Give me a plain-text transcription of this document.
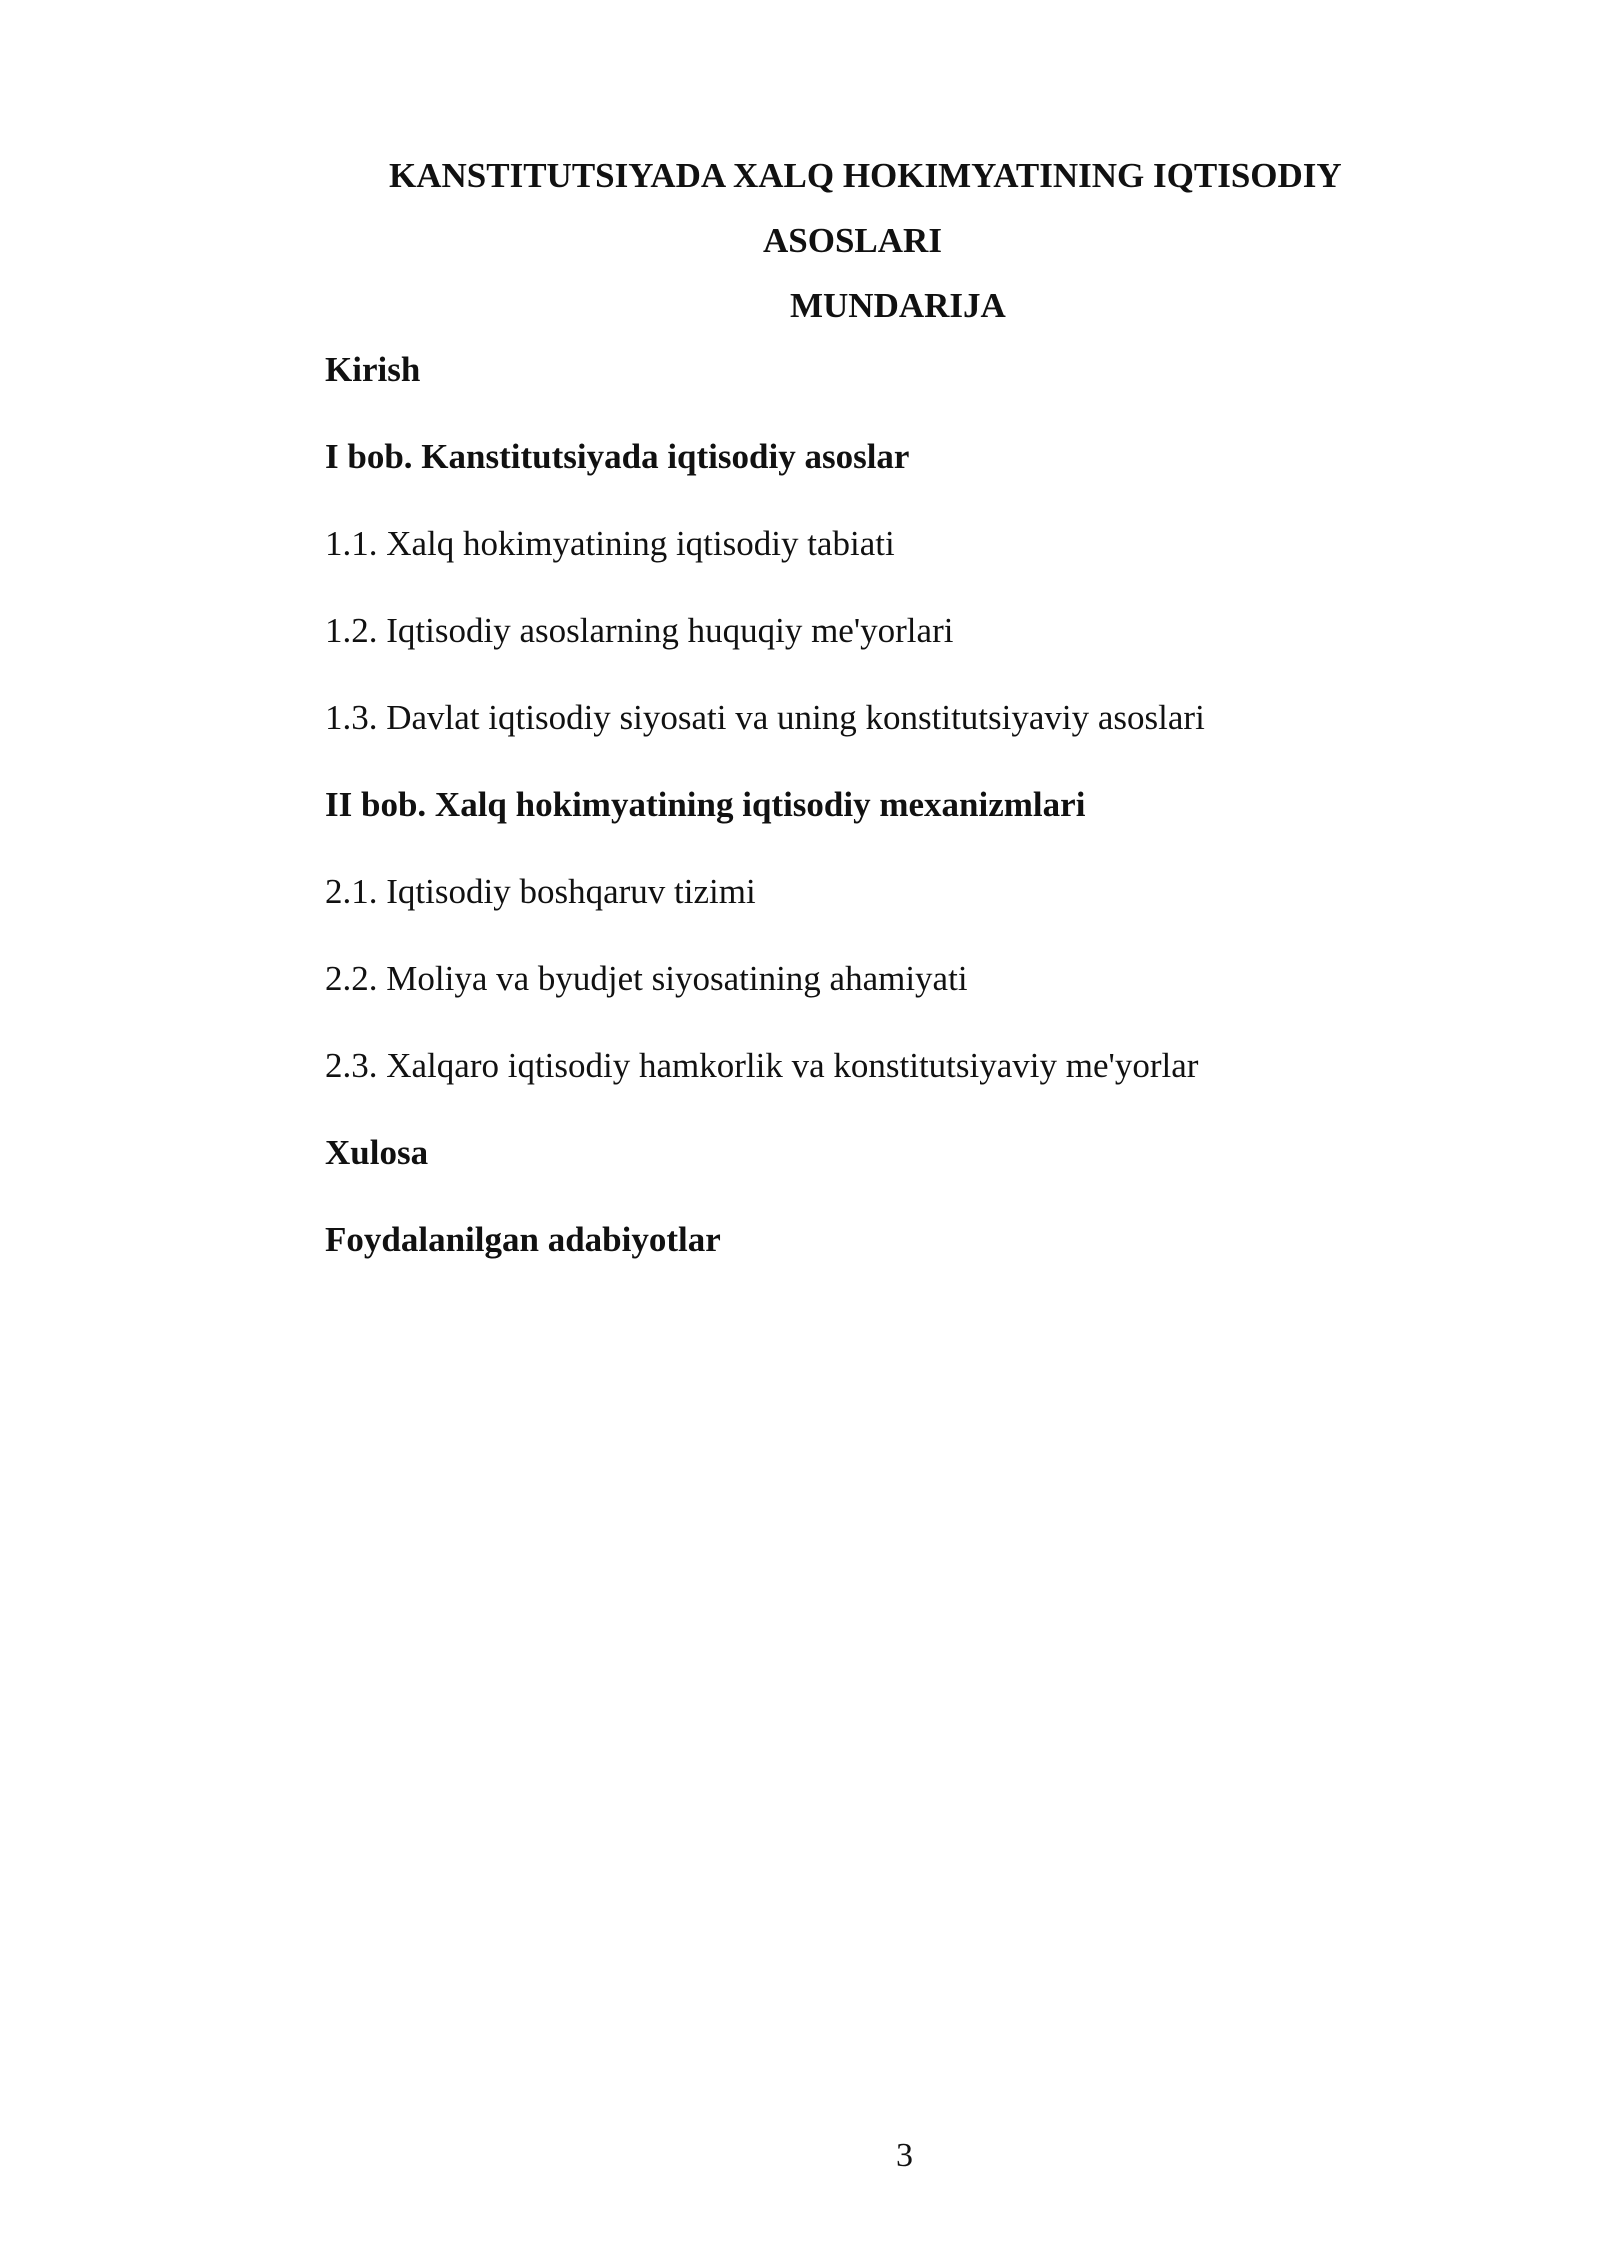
KANSTITUTSIYADA XALQ HOKIMYATINING IQTISODIY
ASOSLARI
MUNDARIJA
Kirish
I bob. Kanstitutsiyada iqtisodiy asoslar
1.1. Xalq hokimyatining iqtisodiy tabiati
1.2. Iqtisodiy asoslarning huquqiy me'yorlari
1.3. Davlat iqtisodiy siyosati va uning konstitutsiyaviy asoslari
II bob. Xalq hokimyatining iqtisodiy mexanizmlari
2.1. Iqtisodiy boshqaruv tizimi
2.2. Moliya va byudjet siyosatining ahamiyati
2.3. Xalqaro iqtisodiy hamkorlik va konstitutsiyaviy me'yorlar
Xulosa
Foydalanilgan adabiyotlar
3
